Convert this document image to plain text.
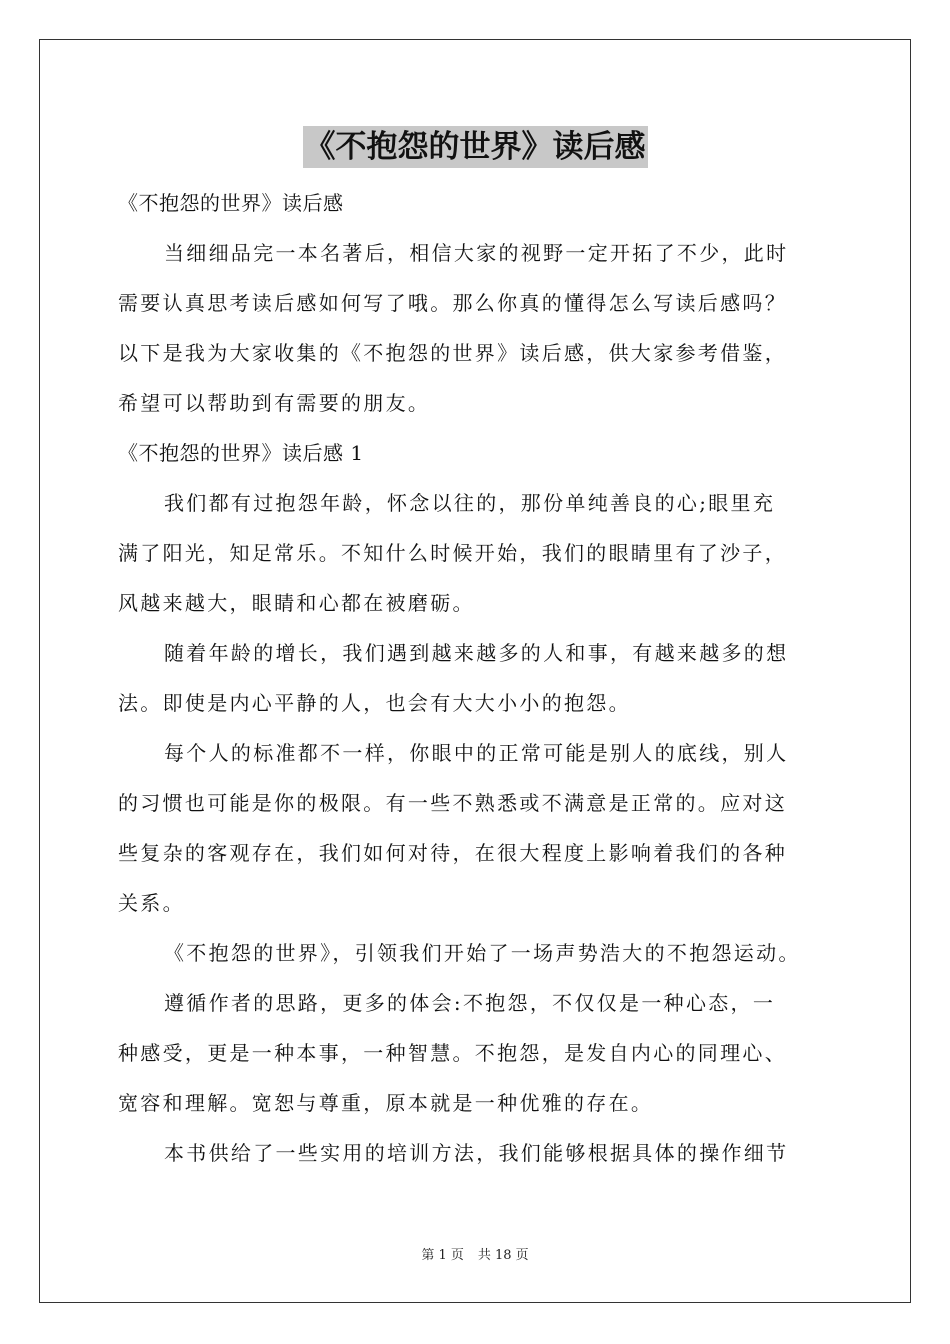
《不抱怨的世界》读后感
《不抱怨的世界》读后感
当细细品完一本名著后，相信大家的视野一定开拓了不少，此时
需要认真思考读后感如何写了哦。那么你真的懂得怎么写读后感吗？
以下是我为大家收集的《不抱怨的世界》读后感，供大家参考借鉴，
希望可以帮助到有需要的朋友。
《不抱怨的世界》读后感 1
我们都有过抱怨年龄，怀念以往的，那份单纯善良的心;眼里充
满了阳光，知足常乐。不知什么时候开始，我们的眼睛里有了沙子，
风越来越大，眼睛和心都在被磨砺。
随着年龄的增长，我们遇到越来越多的人和事，有越来越多的想
法。即使是内心平静的人，也会有大大小小的抱怨。
每个人的标准都不一样，你眼中的正常可能是别人的底线，别人
的习惯也可能是你的极限。有一些不熟悉或不满意是正常的。应对这
些复杂的客观存在，我们如何对待，在很大程度上影响着我们的各种
关系。
《不抱怨的世界》，引领我们开始了一场声势浩大的不抱怨运动。
遵循作者的思路，更多的体会:不抱怨，不仅仅是一种心态，一
种感受，更是一种本事，一种智慧。不抱怨，是发自内心的同理心、
宽容和理解。宽恕与尊重，原本就是一种优雅的存在。
本书供给了一些实用的培训方法，我们能够根据具体的操作细节
第 1 页 共 18 页
